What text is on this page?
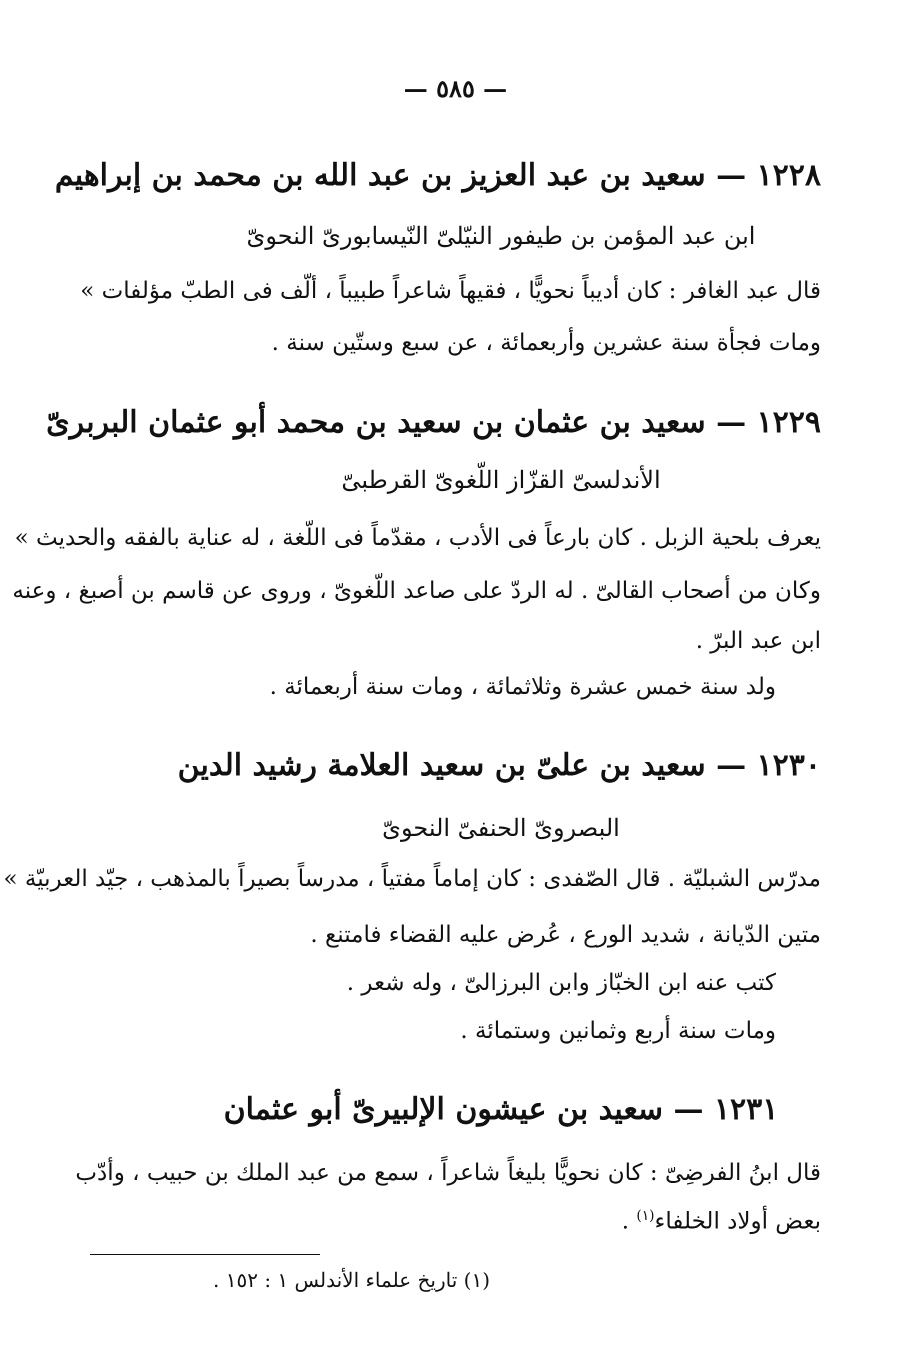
— ٥٨٥ —
١٢٢٨ — سعيد بن عبد العزيز بن عبد الله بن محمد بن إبراهيم
ابن عبد المؤمن بن طيفور النيّلىّ النّيسابورىّ النحوىّ
قال عبد الغافر : كان أديباً نحويًّا ، فقيهاً شاعراً طبيباً ، ألّف فى الطبّ مؤلفات »
ومات فجأة سنة عشرين وأربعمائة ، عن سبع وستّين سنة .
١٢٢٩ — سعيد بن عثمان بن سعيد بن محمد أبو عثمان البربرىّ
الأندلسىّ القزّاز اللّغوىّ القرطبىّ
يعرف بلحية الزبل . كان بارعاً فى الأدب ، مقدّماً فى اللّغة ، له عناية بالفقه والحديث »
وكان من أصحاب القالىّ . له الردّ على صاعد اللّغوىّ ، وروى عن قاسم بن أصبغ ، وعنه
ابن عبد البرّ .
ولد سنة خمس عشرة وثلاثمائة ، ومات سنة أربعمائة .
١٢٣٠ — سعيد بن علىّ بن سعيد العلامة رشيد الدين
البصروىّ الحنفىّ النحوىّ
مدرّس الشبليّة . قال الصّفدى : كان إماماً مفتياً ، مدرساً بصيراً بالمذهب ، جيّد العربيّة »
متين الدّيانة ، شديد الورع ، عُرض عليه القضاء فامتنع .
كتب عنه ابن الخبّاز وابن البرزالىّ ، وله شعر .
ومات سنة أربع وثمانين وستمائة .
١٢٣١ — سعيد بن عيشون الإلبيرىّ أبو عثمان
قال ابنُ الفرضِىّ : كان نحويًّا بليغاً شاعراً ، سمع من عبد الملك بن حبيب ، وأدّب
بعض أولاد الخلفاء$^{(١)}$ .
(١) تاريخ علماء الأندلس ١ : ١٥٢ .
